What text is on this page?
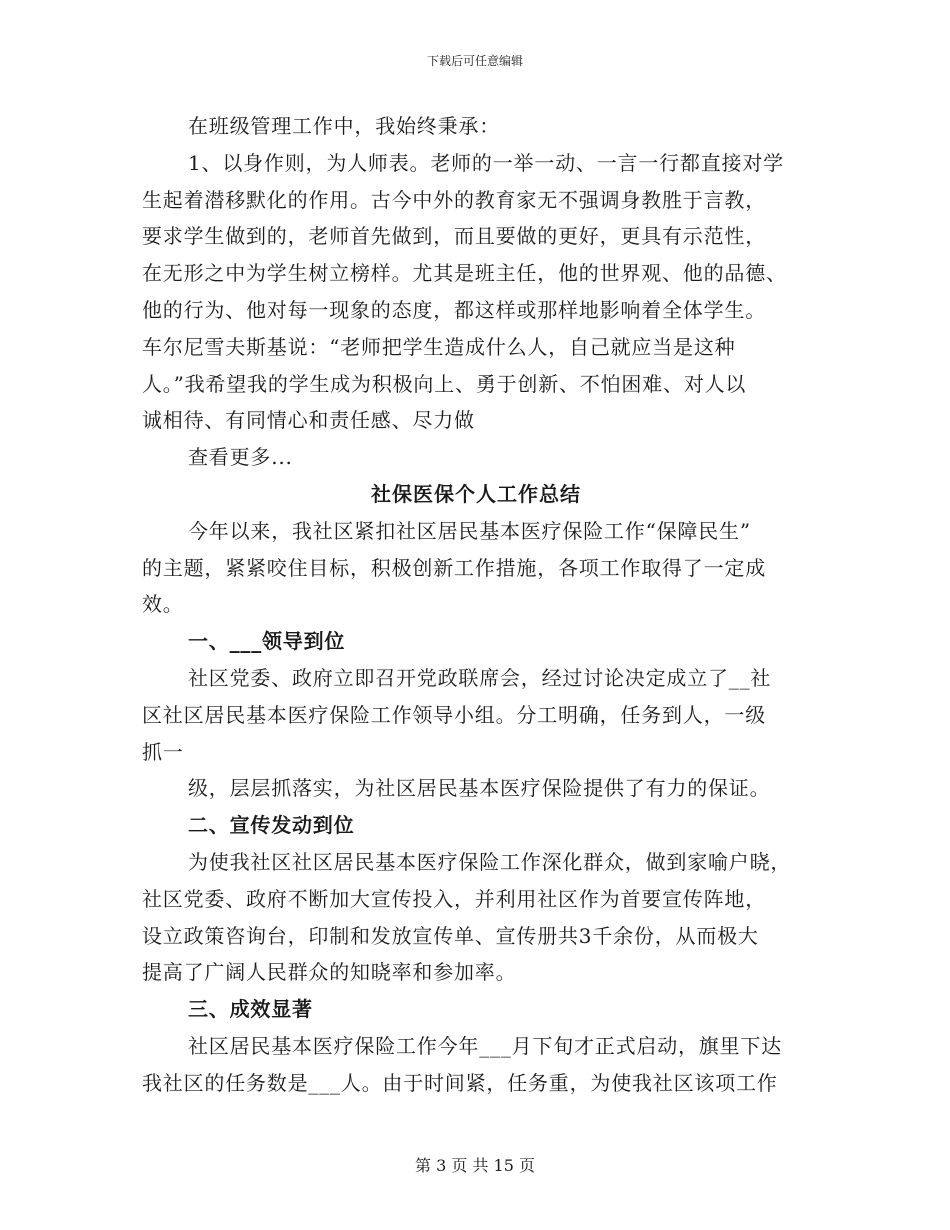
下载后可任意编辑
在班级管理工作中，我始终秉承：
1、以身作则，为人师表。老师的一举一动、一言一行都直接对学
生起着潜移默化的作用。古今中外的教育家无不强调身教胜于言教，
要求学生做到的，老师首先做到，而且要做的更好，更具有示范性，
在无形之中为学生树立榜样。尤其是班主任，他的世界观、他的品德、
他的行为、他对每一现象的态度，都这样或那样地影响着全体学生。
车尔尼雪夫斯基说：“老师把学生造成什么人，自己就应当是这种
人。”我希望我的学生成为积极向上、勇于创新、不怕困难、对人以
诚相待、有同情心和责任感、尽力做
查看更多...
社保医保个人工作总结
今年以来，我社区紧扣社区居民基本医疗保险工作“保障民生”
的主题，紧紧咬住目标，积极创新工作措施，各项工作取得了一定成
效。
一、___领导到位
社区党委、政府立即召开党政联席会，经过讨论决定成立了__社
区社区居民基本医疗保险工作领导小组。分工明确，任务到人，一级
抓一
级，层层抓落实，为社区居民基本医疗保险提供了有力的保证。
二、宣传发动到位
为使我社区社区居民基本医疗保险工作深化群众，做到家喻户晓，
社区党委、政府不断加大宣传投入，并利用社区作为首要宣传阵地，
设立政策咨询台，印制和发放宣传单、宣传册共3千余份，从而极大
提高了广阔人民群众的知晓率和参加率。
三、成效显著
社区居民基本医疗保险工作今年___月下旬才正式启动，旗里下达
我社区的任务数是___人。由于时间紧，任务重，为使我社区该项工作
第 3 页 共 15 页
